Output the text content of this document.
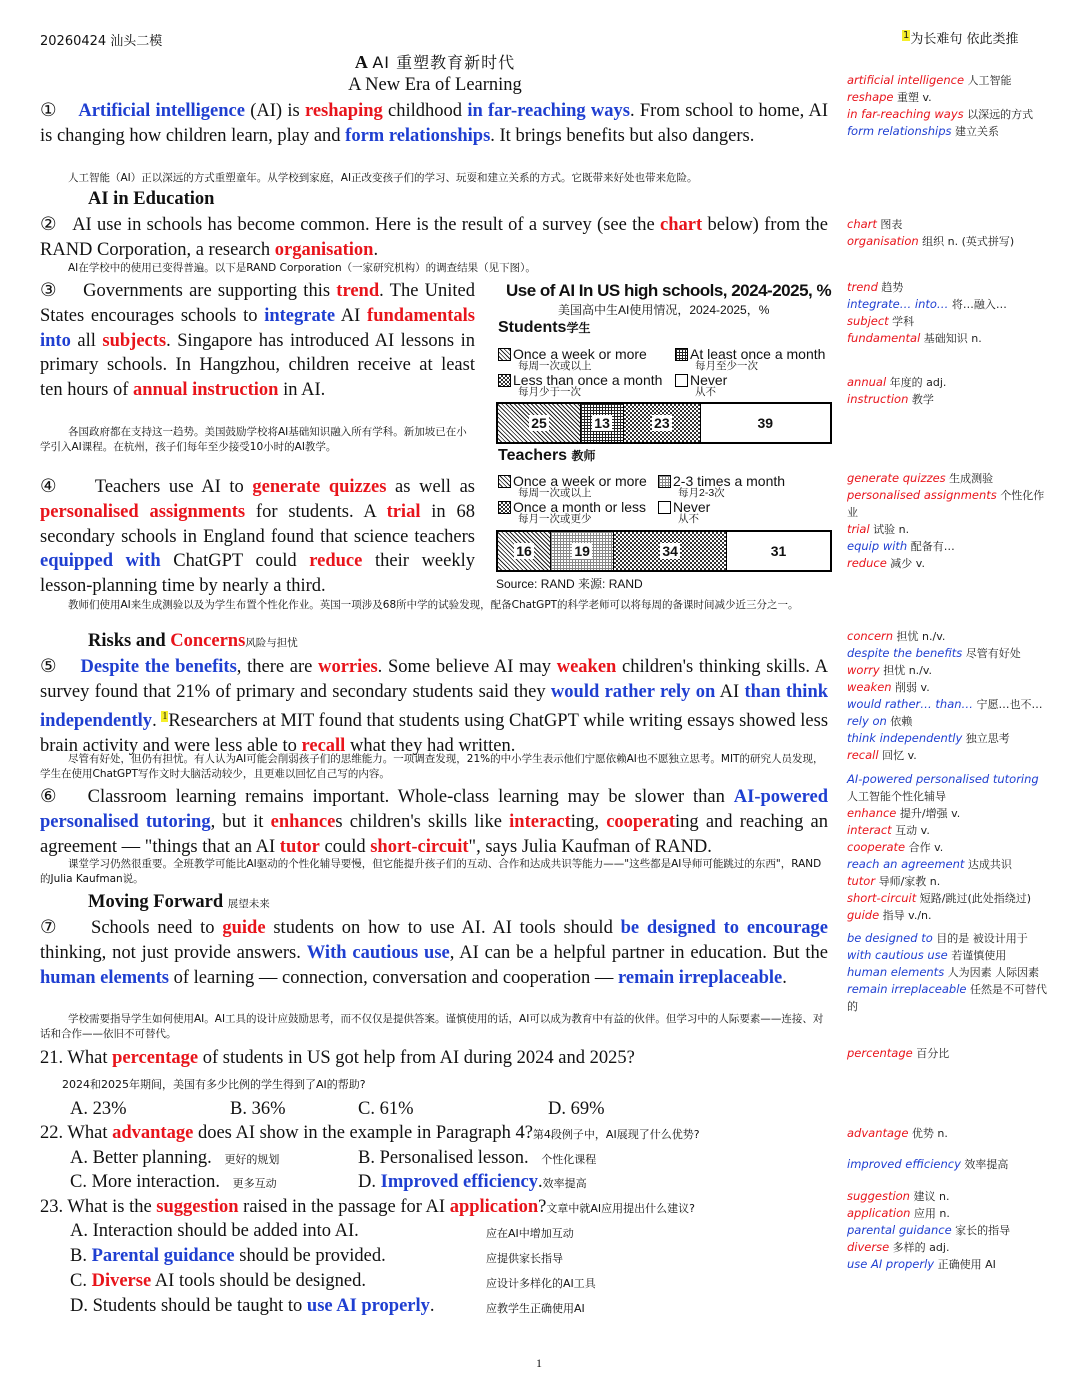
20260424 汕头二模	$^1$为长难句 依此类推
A AI 重塑教育新时代
A New Era of Learning
① Artificial intelligence (AI) is reshaping childhood in far-reaching ways. From school to home, AI is changing how children learn, play and form relationships. It brings benefits but also dangers.
人工智能（AI）正以深远的方式重塑童年。从学校到家庭，AI正改变孩子们的学习、玩耍和建立关系的方式。它既带来好处也带来危险。
AI in Education
②   AI use in schools has become common. Here is the result of a survey (see the chart below) from the RAND Corporation, a research organisation.
AI在学校中的使用已变得普遍。以下是RAND Corporation（一家研究机构）的调查结果（见下图）。
③    Governments are supporting this trend. The United States encourages schools to integrate AI fundamentals into all subjects. Singapore has introduced AI lessons in primary schools. In Hangzhou, children receive at least ten hours of annual instruction in AI.
各国政府都在支持这一趋势。美国鼓励学校将AI基础知识融入所有学科。新加坡已在小学引入AI课程。在杭州，孩子们每年至少接受10小时的AI教学。
④    Teachers use AI to generate quizzes as well as personalised assignments for students. A trial in 68 secondary schools in England found that science teachers equipped with ChatGPT could reduce their weekly lesson-planning time by nearly a third.
教师们使用AI来生成测验以及为学生布置个性化作业。英国一项涉及68所中学的试验发现，配备ChatGPT的科学老师可以将每周的备课时间减少近三分之一。
Use of AI In US high schools, 2024-2025, %
美国高中生AI使用情况，2024-2025，%
Students学生
Once a week or more
每周一次或以上
At least once a month
每月至少一次
Less than once a month
每月少于一次
Never
从不
25	13	23	39
Teachers 教师
Once a week or more
每周一次或以上
2-3 times a month
每月2-3次
Once a month or less
每月一次或更少
Never
从不
16	19	34	31
Source: RAND 来源: RAND
Risks and Concerns风险与担忧
⑤ Despite the benefits, there are worries. Some believe AI may weaken children's thinking skills. A survey found that 21% of primary and secondary students said they would rather rely on AI than think independently. $^1$Researchers at MIT found that students using ChatGPT while writing essays showed less brain activity and were less able to recall what they had written.
尽管有好处，但仍有担忧。有人认为AI可能会削弱孩子们的思维能力。一项调查发现，21%的中小学生表示他们宁愿依赖AI也不愿独立思考。MIT的研究人员发现，学生在使用ChatGPT写作文时大脑活动较少，且更难以回忆自己写的内容。
⑥   Classroom learning remains important. Whole-class learning may be slower than AI-powered personalised tutoring, but it enhances children's skills like interacting, cooperating and reaching an agreement — "things that an AI tutor could short-circuit", says Julia Kaufman of RAND.
课堂学习仍然很重要。全班教学可能比AI驱动的个性化辅导要慢，但它能提升孩子们的互动、合作和达成共识等能力——"这些都是AI导师可能跳过的东西"，RAND的Julia Kaufman说。
Moving Forward 展望未来
⑦    Schools need to guide students on how to use AI. AI tools should be designed to encourage thinking, not just provide answers. With cautious use, AI can be a helpful partner in education. But the human elements of learning — connection, conversation and cooperation — remain irreplaceable.
学校需要指导学生如何使用AI。AI工具的设计应鼓励思考，而不仅仅是提供答案。谨慎使用的话，AI可以成为教育中有益的伙伴。但学习中的人际要素——连接、对话和合作——依旧不可替代。
21. What percentage of students in US got help from AI during 2024 and 2025?
2024和2025年期间，美国有多少比例的学生得到了AI的帮助?
A. 23%	B. 36%	C. 61%	D. 69%
22. What advantage does AI show in the example in Paragraph 4?第4段例子中，AI展现了什么优势?
A. Better planning. 更好的规划	B. Personalised lesson. 个性化课程
C. More interaction. 更多互动	D. Improved efficiency.效率提高
23. What is the suggestion raised in the passage for AI application?文章中就AI应用提出什么建议?
A. Interaction should be added into AI.	应在AI中增加互动
B. Parental guidance should be provided.	应提供家长指导
C. Diverse AI tools should be designed.	应设计多样化的AI工具
D. Students should be taught to use AI properly.	应教学生正确使用AI
1
artificial intelligence 人工智能
reshape 重塑 v.
in far-reaching ways 以深远的方式
form relationships 建立关系
chart 图表
organisation 组织 n. (英式拼写)
trend 趋势
integrate… into… 将…融入…
subject 学科
fundamental 基础知识 n.
annual 年度的 adj.
instruction 教学
generate quizzes 生成测验
personalised assignments 个性化作业
trial 试验 n.
equip with 配备有…
reduce 减少 v.
concern 担忧 n./v.
despite the benefits 尽管有好处
worry 担忧 n./v.
weaken 削弱 v.
would rather… than… 宁愿…也不…
rely on 依赖
think independently 独立思考
recall 回忆 v.
AI-powered personalised tutoring 人工智能个性化辅导
enhance 提升/增强 v.
interact 互动 v.
cooperate 合作 v.
reach an agreement 达成共识
tutor 导师/家教 n.
short-circuit 短路/跳过(此处指绕过)
guide 指导 v./n.
be designed to 目的是 被设计用于
with cautious use 若谨慎使用
human elements 人为因素 人际因素
remain irreplaceable 任然是不可替代的
percentage 百分比
advantage 优势 n.
improved efficiency 效率提高
suggestion 建议 n.
application 应用 n.
parental guidance 家长的指导
diverse 多样的 adj.
use AI properly 正确使用 AI
